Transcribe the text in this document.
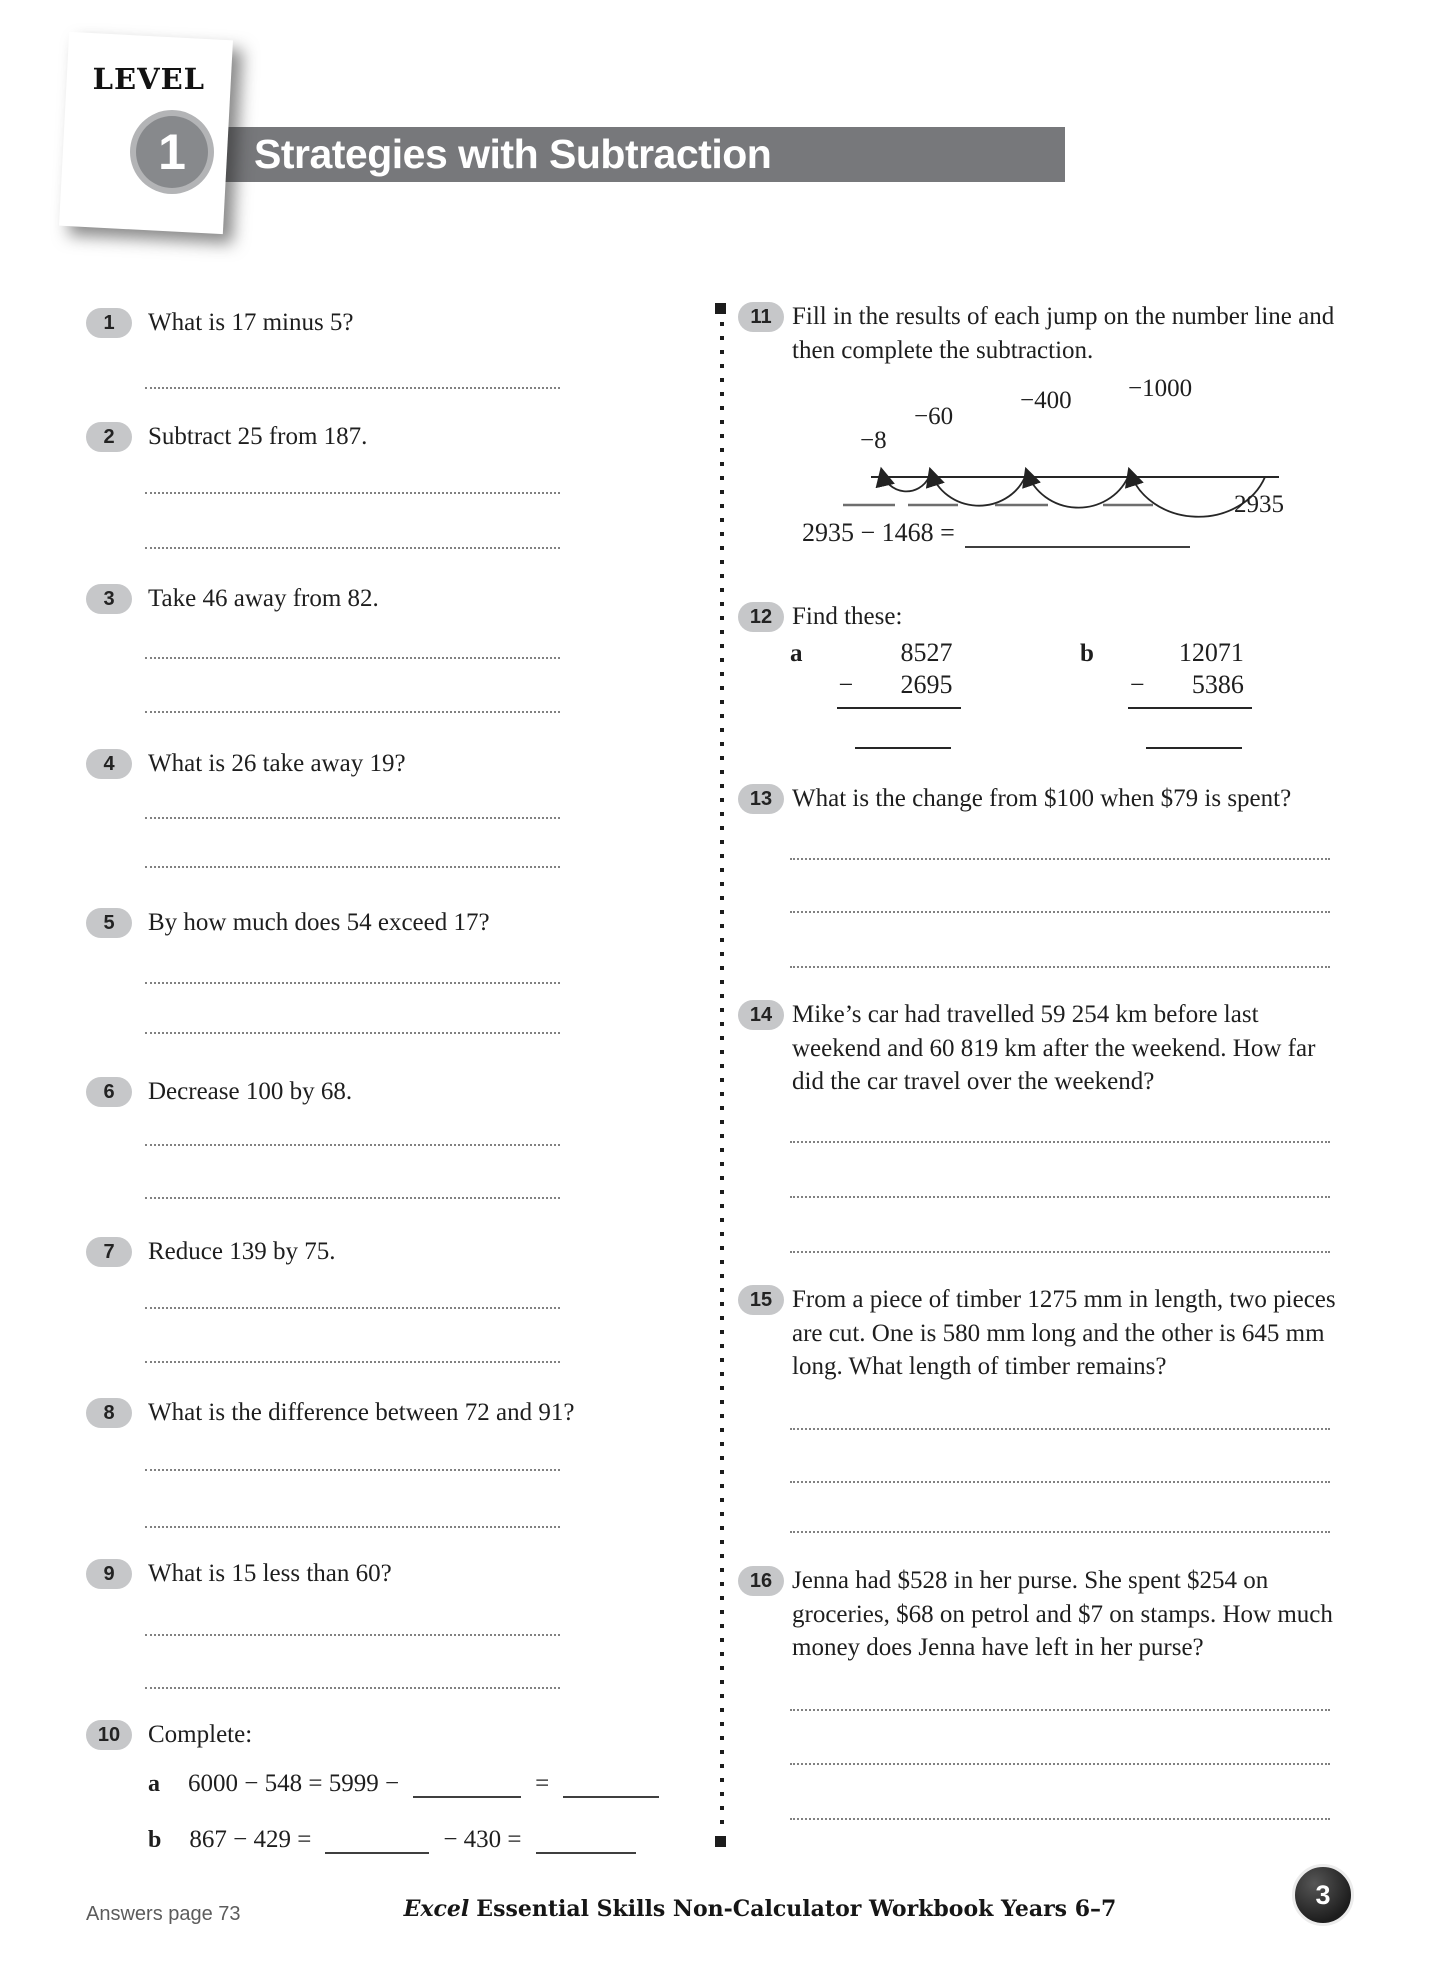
Strategies with Subtraction
LEVEL
1
Answers page 73	Excel Essential Skills Non-Calculator Workbook Years 6–7	3
1	What is 17 minus 5?
2	Subtract 25 from 187.
3	Take 46 away from 82.
4	What is 26 take away 19?
5	By how much does 54 exceed 17?
6	Decrease 100 by 68.
7	Reduce 139 by 75.
8	What is the difference between 72 and 91?
9	What is 15 less than 60?
10	Complete:
a 6000 − 548 = 5999 −	=
b 867 − 429 =	− 430 =
11 Fill in the results of each jump on the number line and then complete the subtraction.
−8
−60
−400 −1000
2935
2935 − 1468 =
12 Find these:
a	8527
− 2695
b	12071
− 5386
13 What is the change from $100 when $79 is spent?
14 Mike’s car had travelled 59 254 km before last weekend and 60 819 km after the weekend. How far did the car travel over the weekend?
15 From a piece of timber 1275 mm in length, two pieces are cut. One is 580 mm long and the other is 645 mm long. What length of timber remains?
16 Jenna had $528 in her purse. She spent $254 on groceries, $68 on petrol and $7 on stamps. How much money does Jenna have left in her purse?
